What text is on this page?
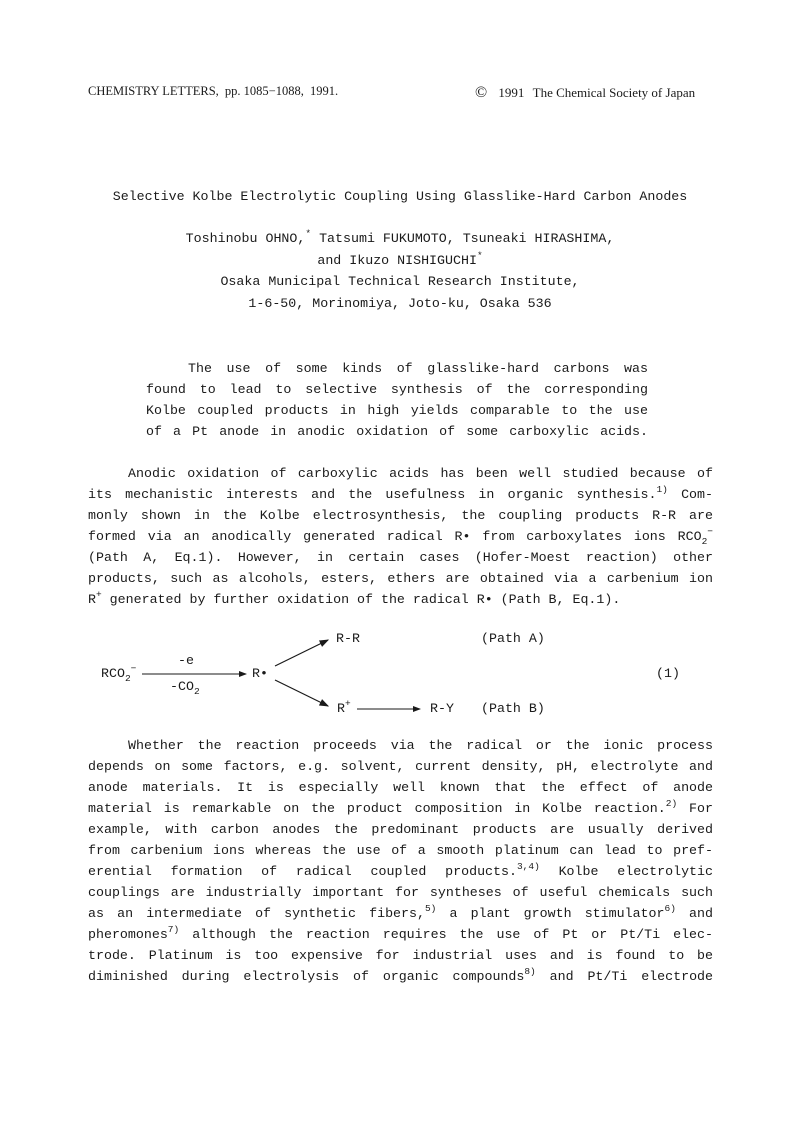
CHEMISTRY LETTERS, pp. 1085−1088, 1991.	© 1991 The Chemical Society of Japan
Selective Kolbe Electrolytic Coupling Using Glasslike-Hard Carbon Anodes
Toshinobu OHNO,* Tatsumi FUKUMOTO, Tsuneaki HIRASHIMA,
and Ikuzo NISHIGUCHI*
Osaka Municipal Technical Research Institute,
1-6-50, Morinomiya, Joto-ku, Osaka 536
The use of some kinds of glasslike-hard carbons was
found to lead to selective synthesis of the corresponding
Kolbe coupled products in high yields comparable to the use
of a Pt anode in anodic oxidation of some carboxylic acids.
Anodic oxidation of carboxylic acids has been well studied because of
its mechanistic interests and the usefulness in organic synthesis.$^{1)}$ Com-
monly shown in the Kolbe electrosynthesis, the coupling products R-R are
formed via an anodically generated radical R• from carboxylates ions $RCO_2^-$
(Path A, Eq.1). However, in certain cases (Hofer-Moest reaction) other
products, such as alcohols, esters, ethers are obtained via a carbenium ion
R+ generated by further oxidation of the radical R• (Path B, Eq.1).
$RCO_2^-$
-e
$-CO_2$
R•
R-R	(Path A)
R+	R-Y (Path B)
(1)
Whether the reaction proceeds via the radical or the ionic process
depends on some factors, e.g. solvent, current density, pH, electrolyte and
anode materials. It is especially well known that the effect of anode
material is remarkable on the product composition in Kolbe reaction.$^{2)}$ For
example, with carbon anodes the predominant products are usually derived
from carbenium ions whereas the use of a smooth platinum can lead to pref-
erential formation of radical coupled products.$^{3,4)}$ Kolbe electrolytic
couplings are industrially important for syntheses of useful chemicals such
as an intermediate of synthetic fibers,$^{5)}$ a plant growth stimulator$^{6)}$ and
pheromones$^{7)}$ although the reaction requires the use of Pt or Pt/Ti elec-
trode. Platinum is too expensive for industrial uses and is found to be
diminished during electrolysis of organic compounds$^{8)}$ and Pt/Ti electrode
